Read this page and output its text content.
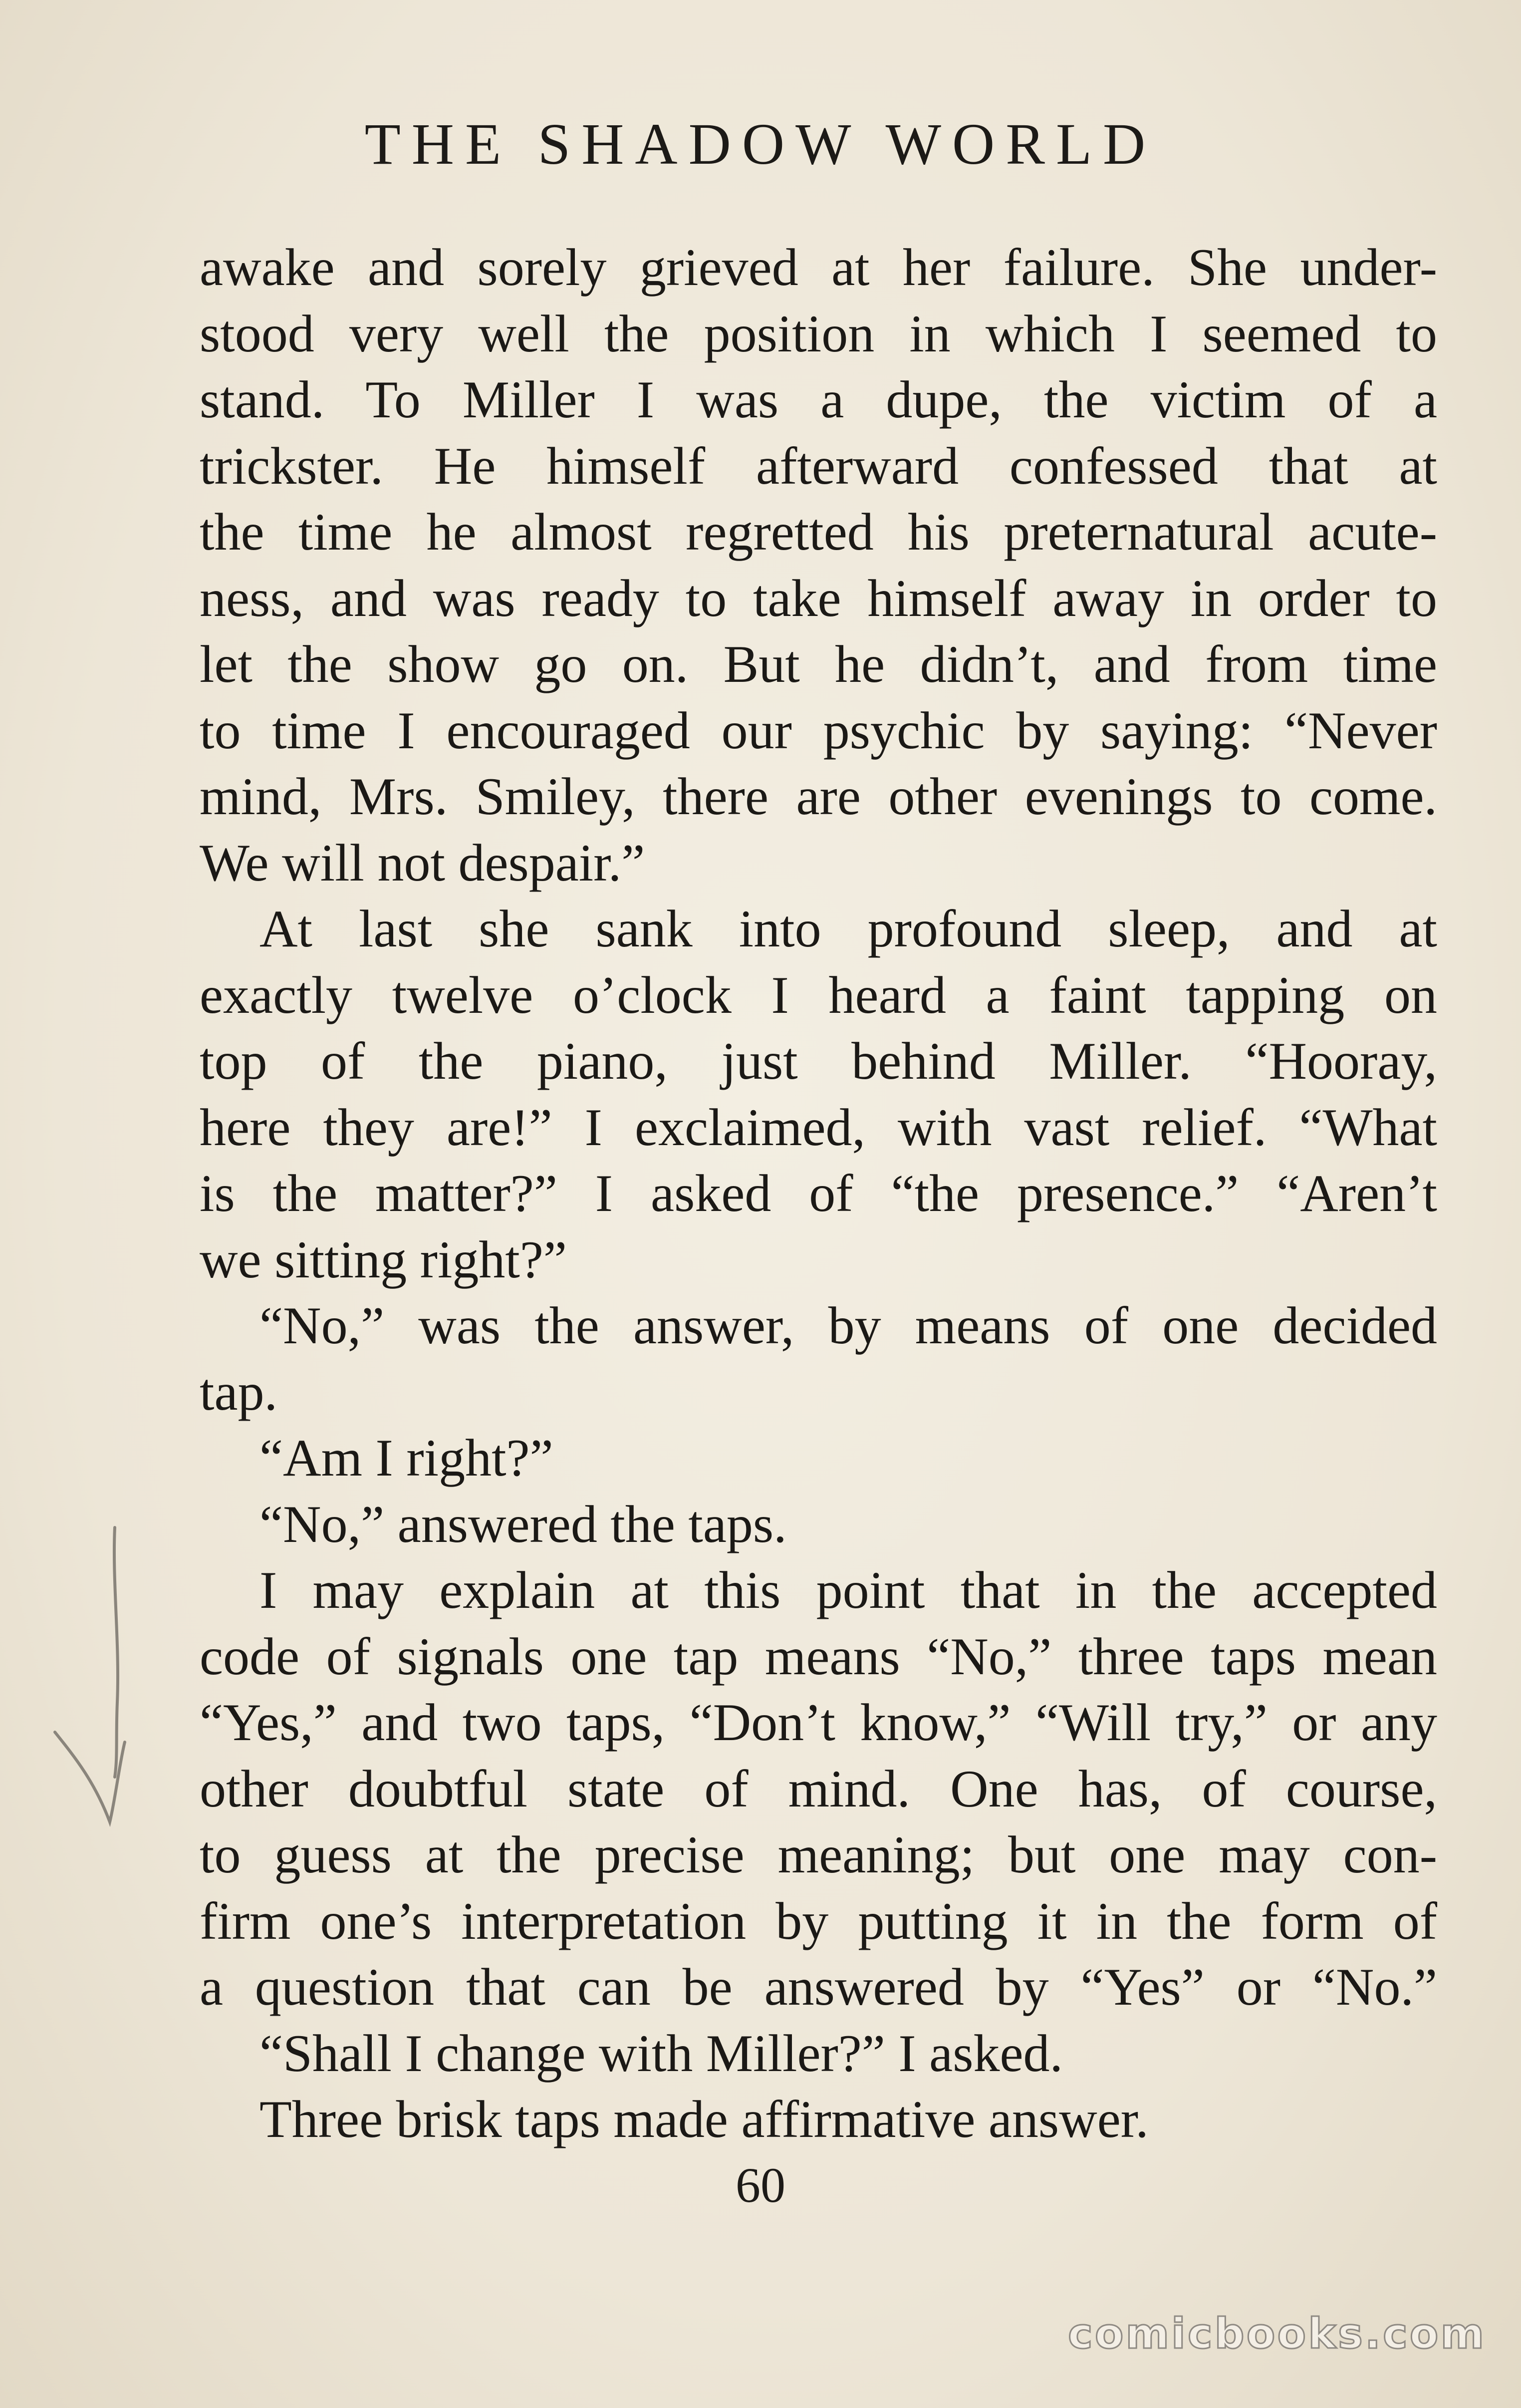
THE SHADOW WORLD
awake and sorely grieved at her failure. She under-
stood very well the position in which I seemed to
stand. To Miller I was a dupe, the victim of a
trickster. He himself afterward confessed that at
the time he almost regretted his preternatural acute-
ness, and was ready to take himself away in order to
let the show go on. But he didn’t, and from time
to time I encouraged our psychic by saying: “Never
mind, Mrs. Smiley, there are other evenings to come.
We will not despair.”
At last she sank into profound sleep, and at
exactly twelve o’clock I heard a faint tapping on
top of the piano, just behind Miller. “Hooray,
here they are!” I exclaimed, with vast relief. “What
is the matter?” I asked of “the presence.” “Aren’t
we sitting right?”
“No,” was the answer, by means of one decided
tap.
“Am I right?”
“No,” answered the taps.
I may explain at this point that in the accepted
code of signals one tap means “No,” three taps mean
“Yes,” and two taps, “Don’t know,” “Will try,” or any
other doubtful state of mind. One has, of course,
to guess at the precise meaning; but one may con-
firm one’s interpretation by putting it in the form of
a question that can be answered by “Yes” or “No.”
“Shall I change with Miller?” I asked.
Three brisk taps made affirmative answer.
60
comicbooks.com
